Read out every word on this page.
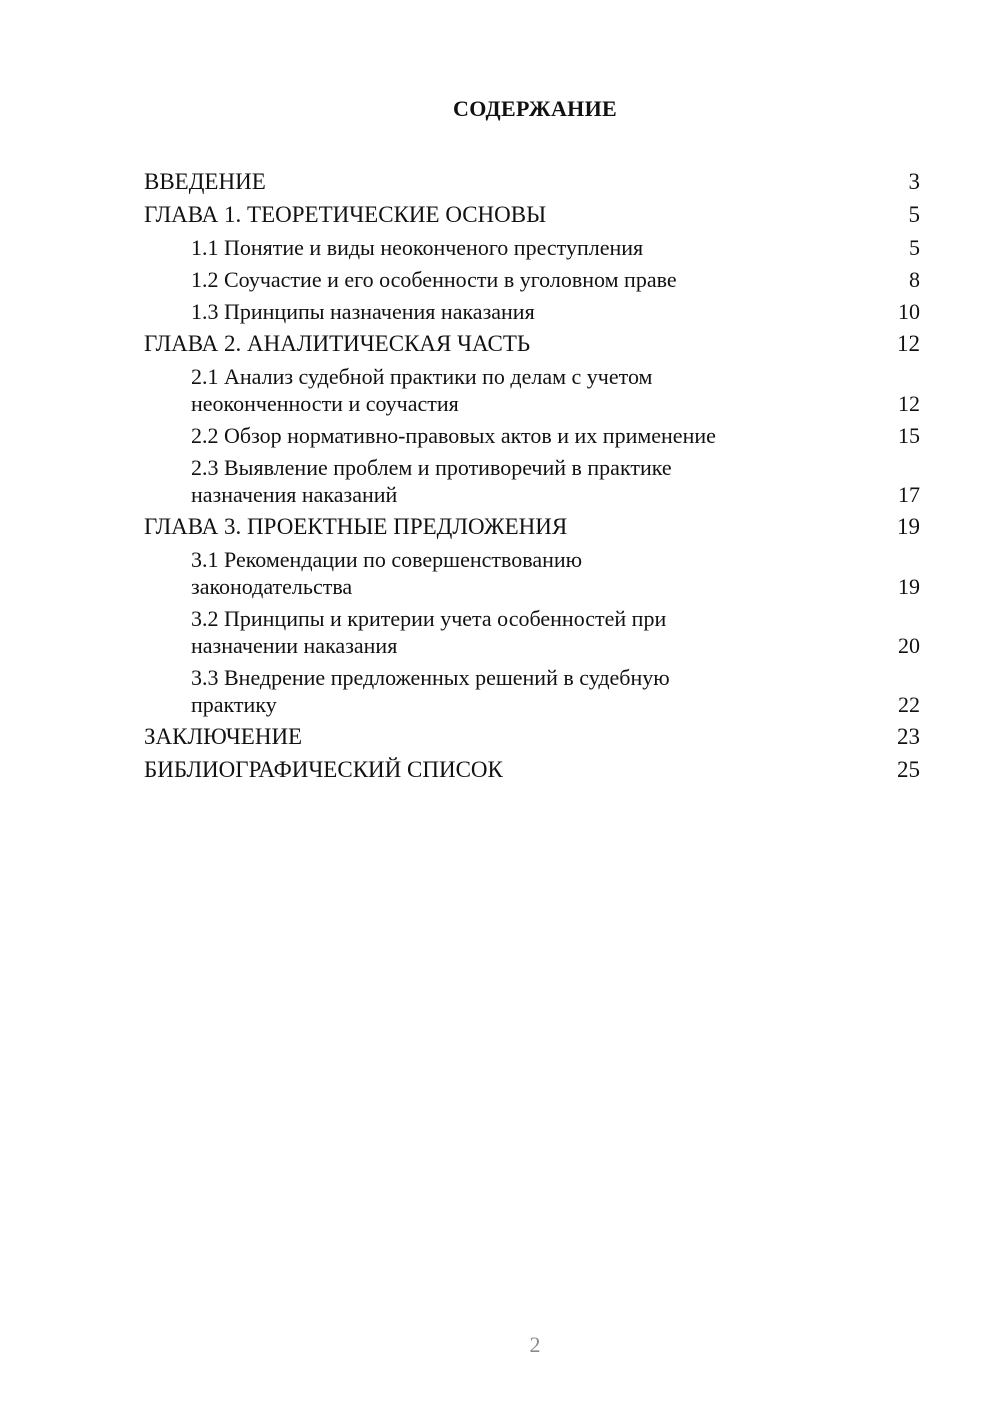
СОДЕРЖАНИЕ
ВВЕДЕНИЕ	3
ГЛАВА 1. ТЕОРЕТИЧЕСКИЕ ОСНОВЫ	5
1.1 Понятие и виды неоконченого преступления	5
1.2 Соучастие и его особенности в уголовном праве	8
1.3 Принципы назначения наказания	10
ГЛАВА 2. АНАЛИТИЧЕСКАЯ ЧАСТЬ	12
2.1 Анализ судебной практики по делам с учетом
неоконченности и соучастия	12
2.2 Обзор нормативно-правовых актов и их применение	15
2.3 Выявление проблем и противоречий в практике
назначения наказаний	17
ГЛАВА 3. ПРОЕКТНЫЕ ПРЕДЛОЖЕНИЯ	19
3.1 Рекомендации по совершенствованию
законодательства	19
3.2 Принципы и критерии учета особенностей при
назначении наказания	20
3.3 Внедрение предложенных решений в судебную
практику	22
ЗАКЛЮЧЕНИЕ	23
БИБЛИОГРАФИЧЕСКИЙ СПИСОК	25
2
